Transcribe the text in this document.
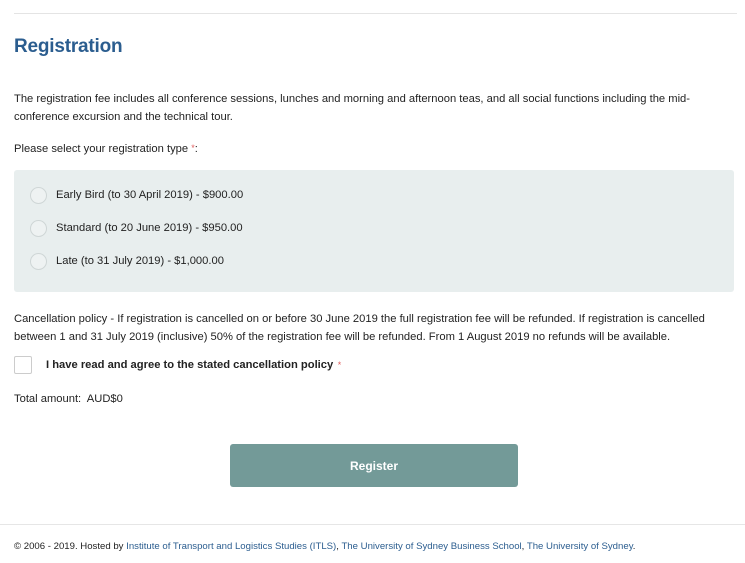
Registration

The registration fee includes all conference sessions, lunches and morning and afternoon teas, and all social functions including the mid-conference excursion and the technical tour.

Please select your registration type *:
Early Bird (to 30 April 2019) - $900.00
Standard (to 20 June 2019) - $950.00
Late (to 31 July 2019) - $1,000.00

Cancellation policy - If registration is cancelled on or before 30 June 2019 the full registration fee will be refunded. If registration is cancelled between 1 and 31 July 2019 (inclusive) 50% of the registration fee will be refunded. From 1 August 2019 no refunds will be available.

I have read and agree to the stated cancellation policy
*
Total amount: AUD$0
Register
© 2006 - 2019. Hosted by Institute of Transport and Logistics Studies (ITLS), The University of Sydney Business School, The University of Sydney.
